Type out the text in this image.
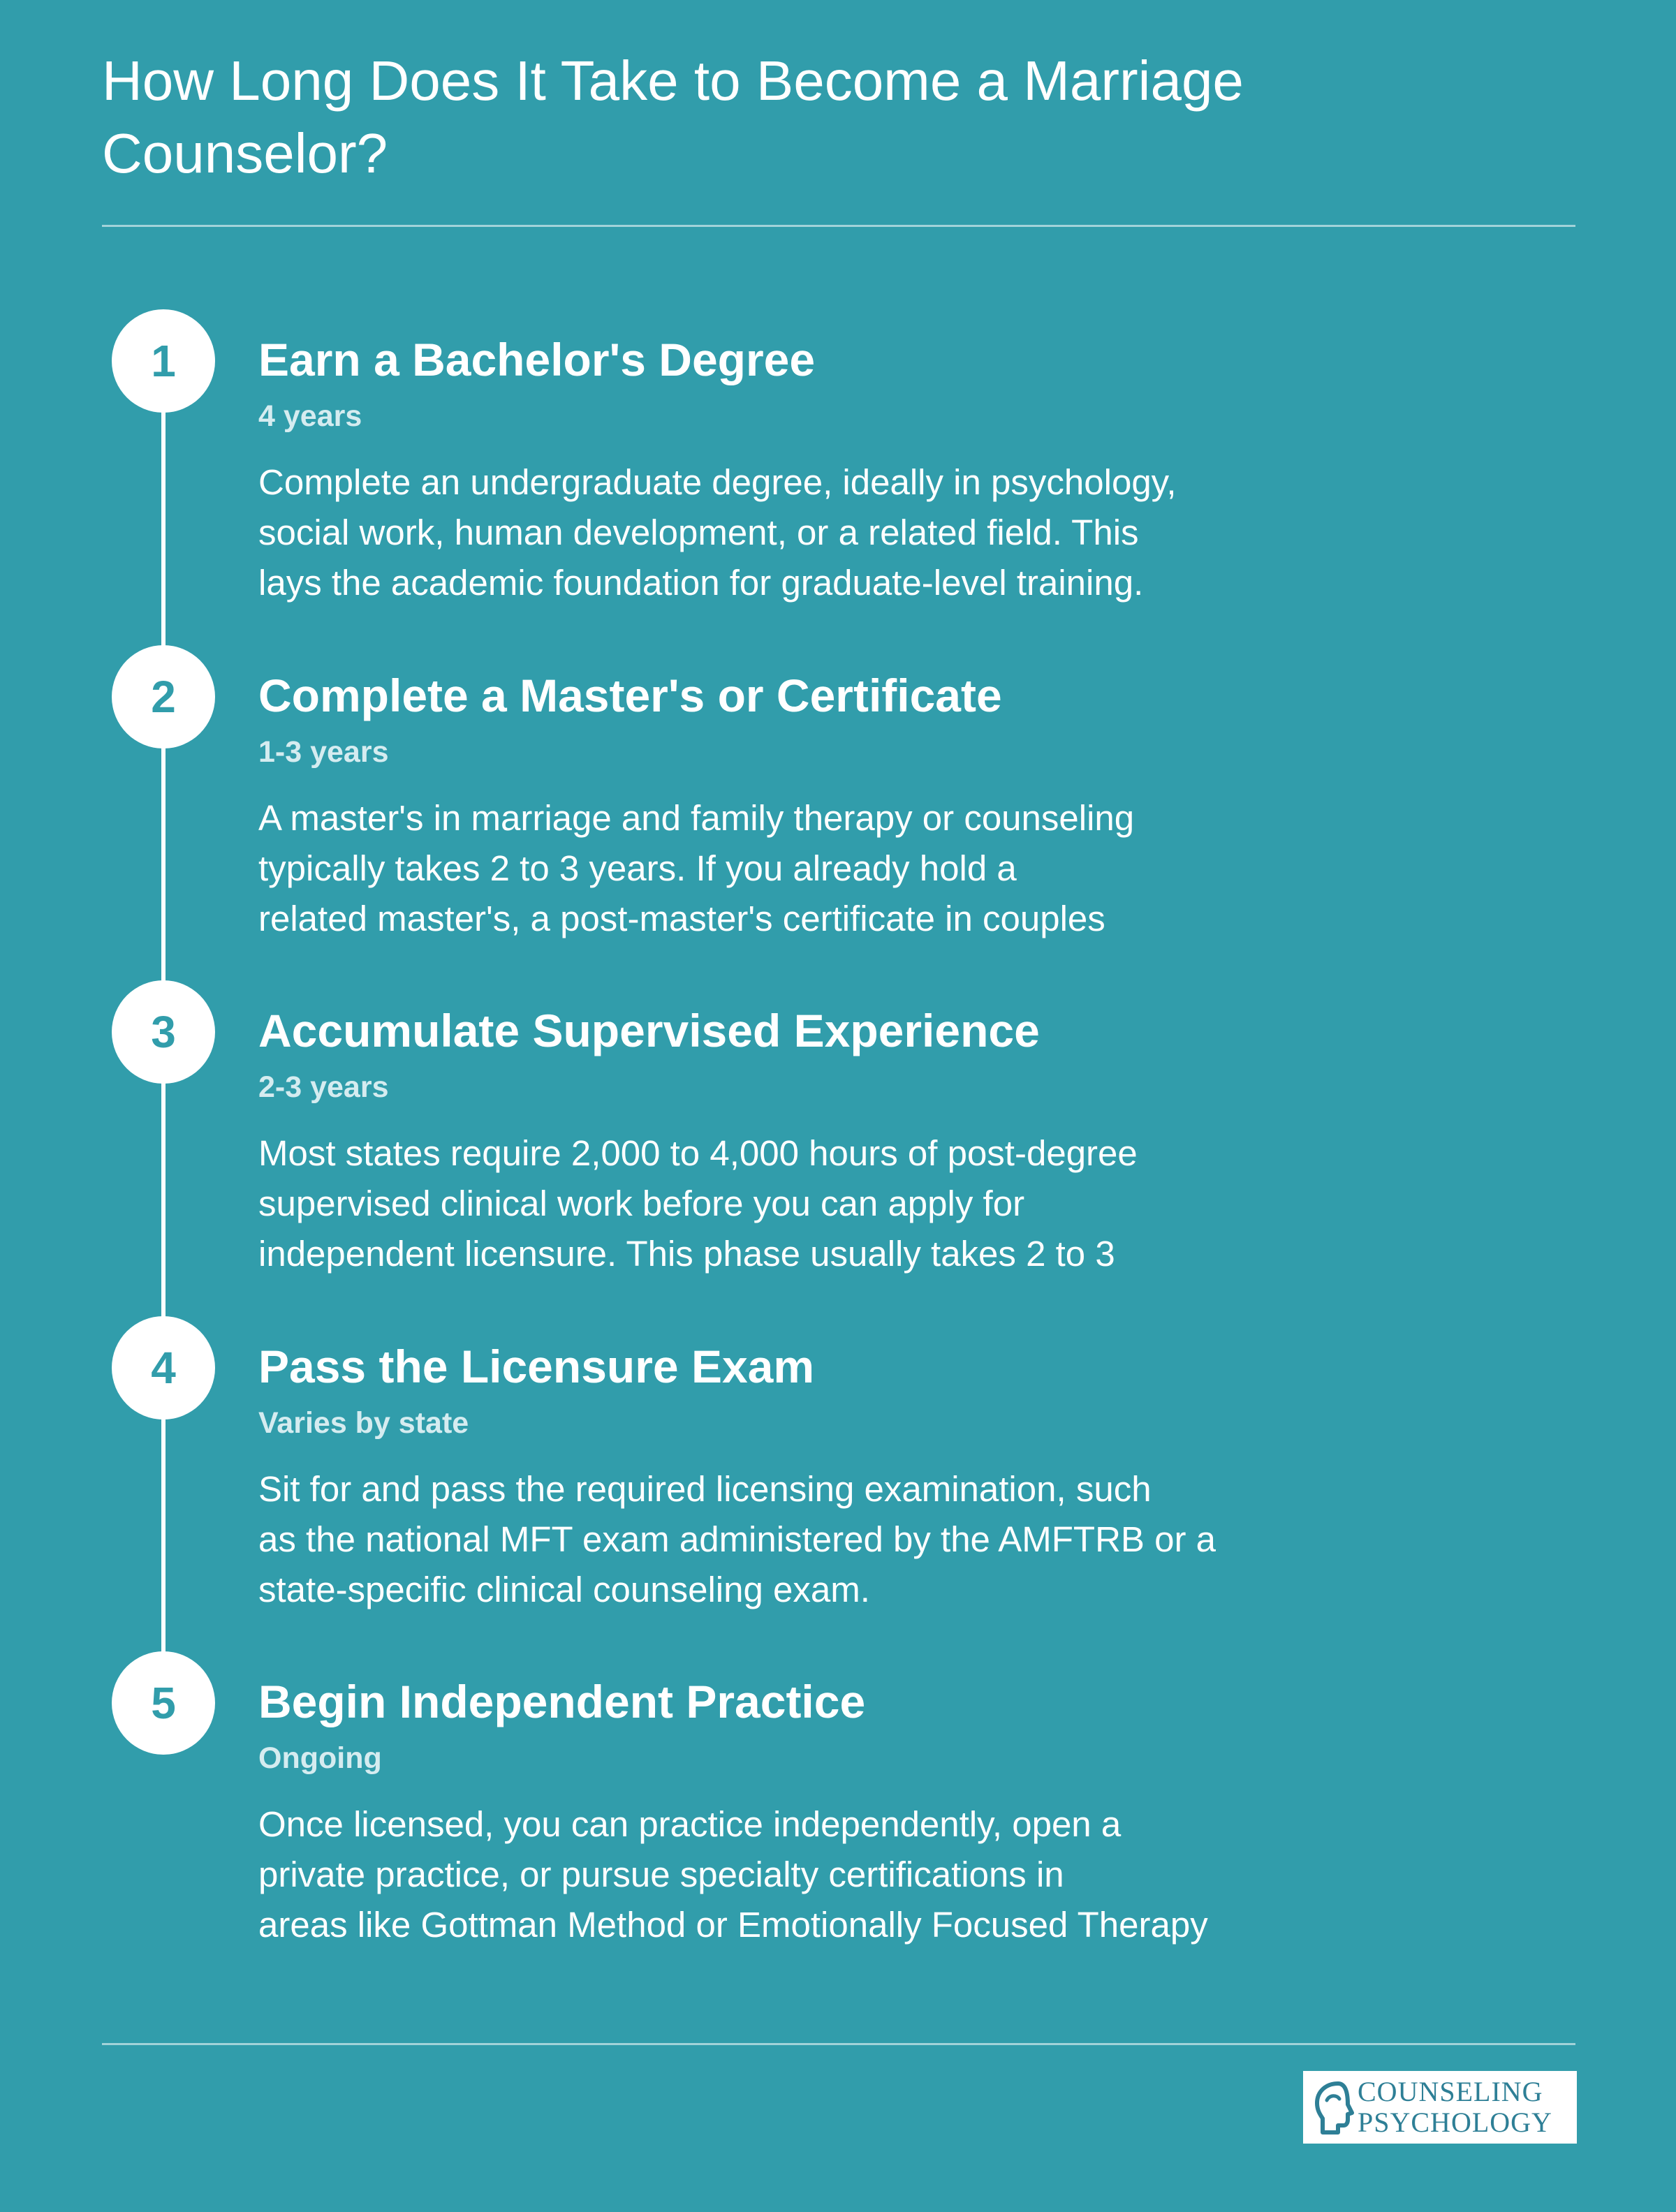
How Long Does It Take to Become a Marriage Counselor?
1	Earn a Bachelor's Degree
4 years
Complete an undergraduate degree, ideally in psychology,
social work, human development, or a related field. This
lays the academic foundation for graduate-level training.
2	Complete a Master's or Certificate
1-3 years
A master's in marriage and family therapy or counseling
typically takes 2 to 3 years. If you already hold a
related master's, a post-master's certificate in couples
3	Accumulate Supervised Experience
2-3 years
Most states require 2,000 to 4,000 hours of post-degree
supervised clinical work before you can apply for
independent licensure. This phase usually takes 2 to 3
4	Pass the Licensure Exam
Varies by state
Sit for and pass the required licensing examination, such
as the national MFT exam administered by the AMFTRB or a
state-specific clinical counseling exam.
5	Begin Independent Practice
Ongoing
Once licensed, you can practice independently, open a
private practice, or pursue specialty certifications in
areas like Gottman Method or Emotionally Focused Therapy
COUNSELING
PSYCHOLOGY
